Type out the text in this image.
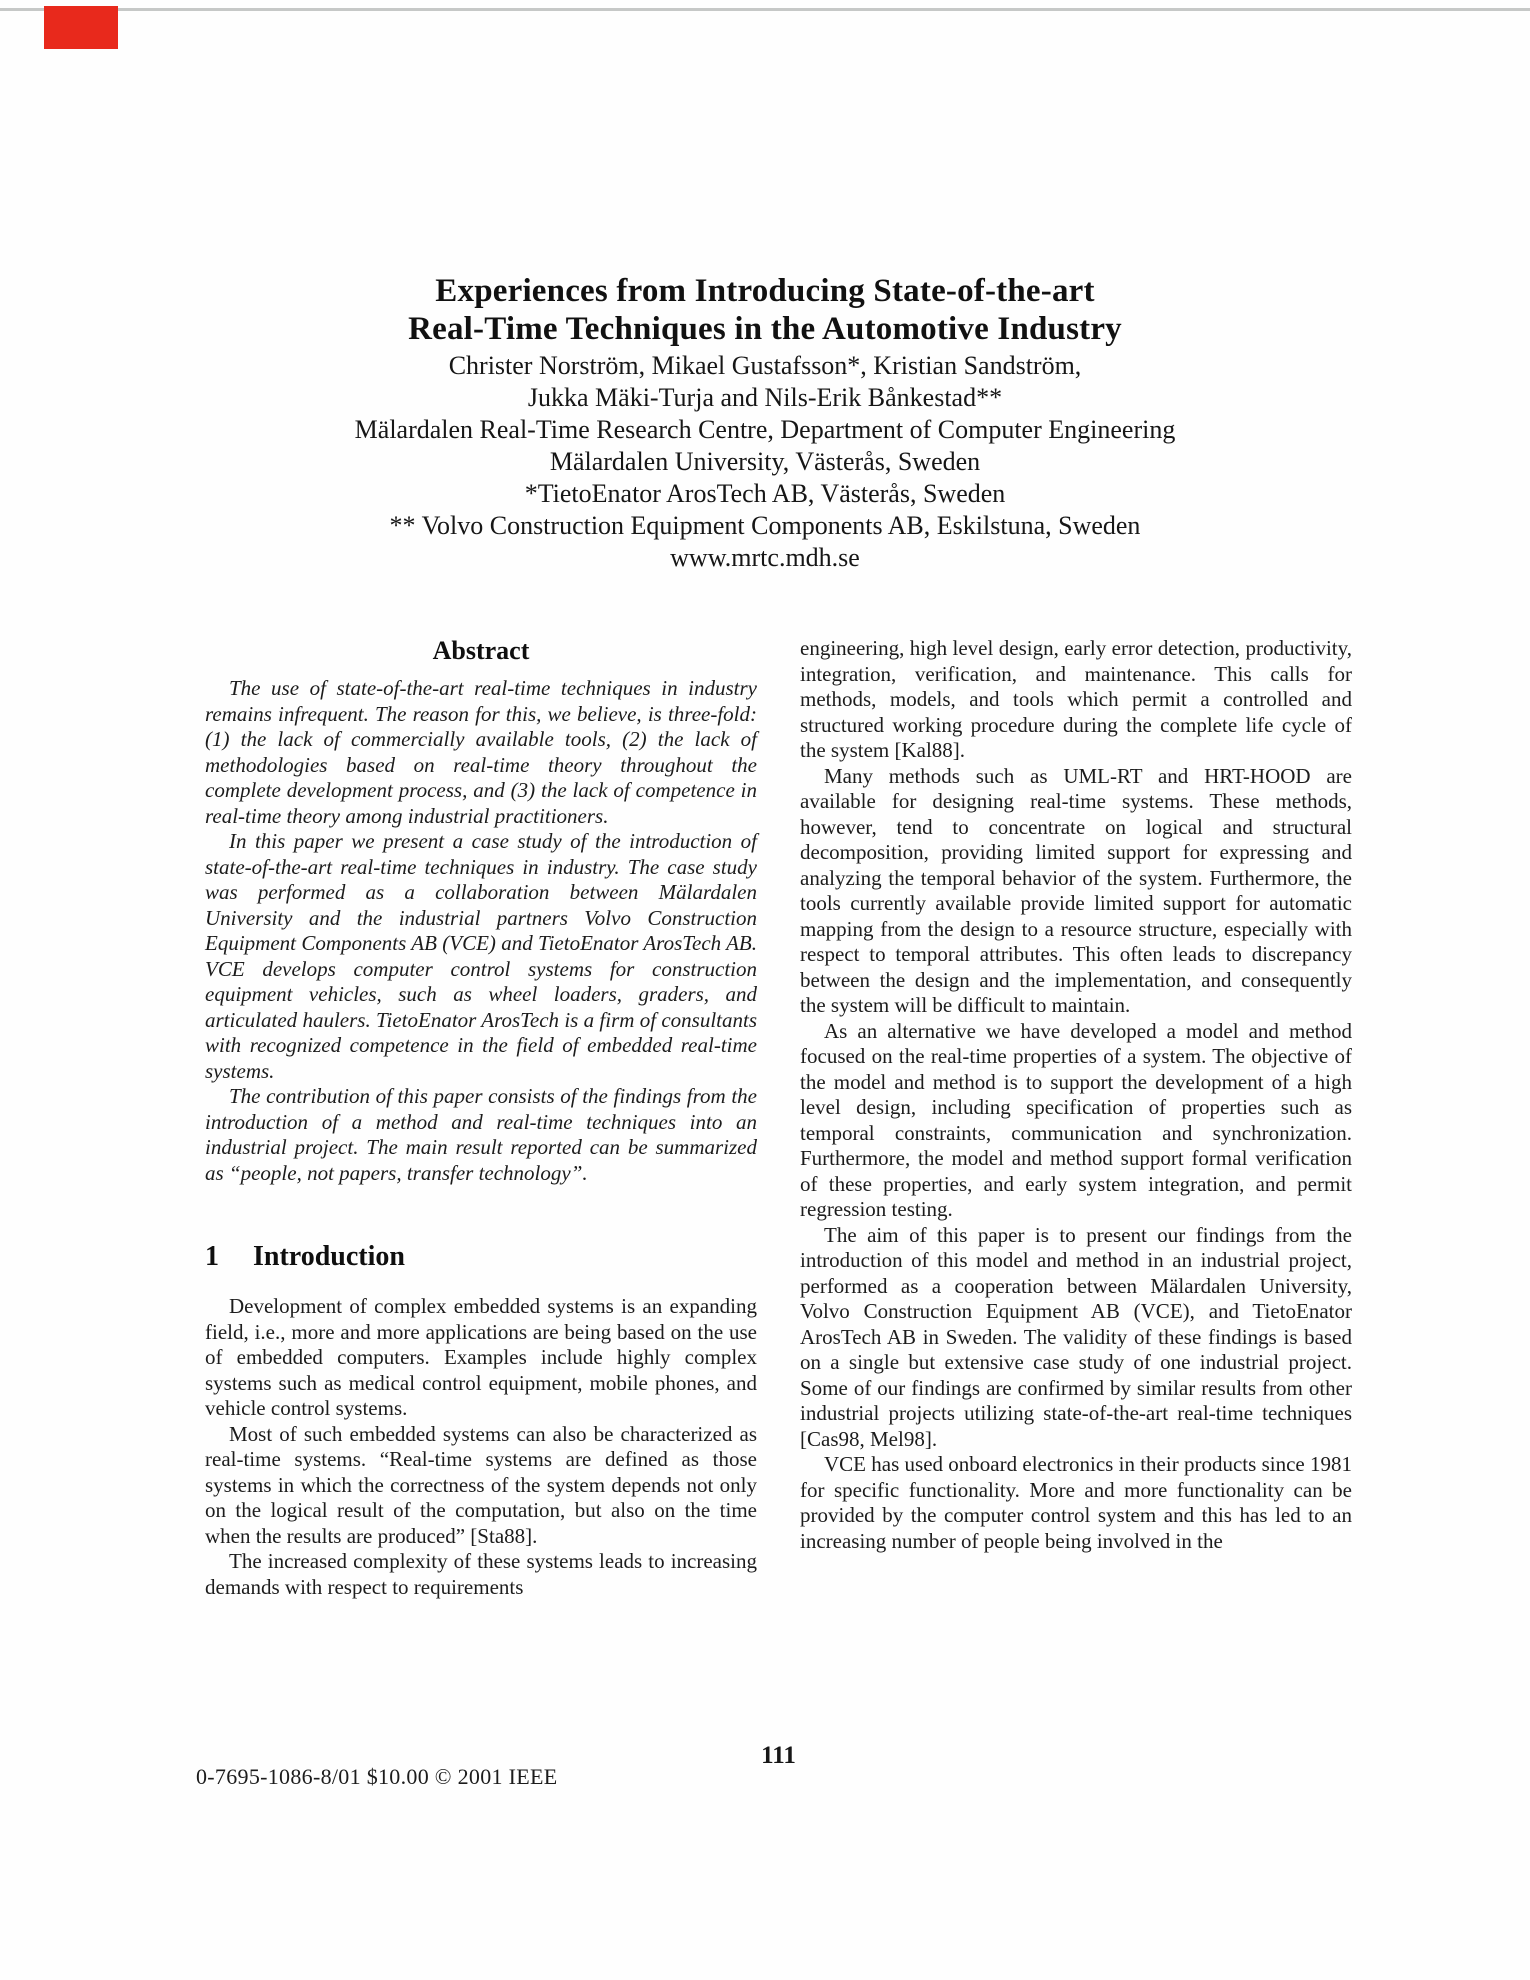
Experiences from Introducing State-of-the-art
Real-Time Techniques in the Automotive Industry
Christer Norström, Mikael Gustafsson*, Kristian Sandström,
Jukka Mäki-Turja and Nils-Erik Bånkestad**
Mälardalen Real-Time Research Centre, Department of Computer Engineering
Mälardalen University, Västerås, Sweden
*TietoEnator ArosTech AB, Västerås, Sweden
** Volvo Construction Equipment Components AB, Eskilstuna, Sweden
www.mrtc.mdh.se
Abstract

The use of state-of-the-art real-time techniques in industry remains infrequent. The reason for this, we believe, is three-fold: (1) the lack of commercially available tools, (2) the lack of methodologies based on real-time theory throughout the complete development process, and (3) the lack of competence in real-time theory among industrial practitioners.

In this paper we present a case study of the introduction of state-of-the-art real-time techniques in industry. The case study was performed as a collaboration between Mälardalen University and the industrial partners Volvo Construction Equipment Components AB (VCE) and TietoEnator ArosTech AB. VCE develops computer control systems for construction equipment vehicles, such as wheel loaders, graders, and articulated haulers. TietoEnator ArosTech is a firm of consultants with recognized competence in the field of embedded real-time systems.

The contribution of this paper consists of the findings from the introduction of a method and real-time techniques into an industrial project. The main result reported can be summarized as “people, not papers, transfer technology”.

1 Introduction

Development of complex embedded systems is an expanding field, i.e., more and more applications are being based on the use of embedded computers. Examples include highly complex systems such as medical control equipment, mobile phones, and vehicle control systems.

Most of such embedded systems can also be characterized as real-time systems. “Real-time systems are defined as those systems in which the correctness of the system depends not only on the logical result of the computation, but also on the time when the results are produced” [Sta88].

The increased complexity of these systems leads to increasing demands with respect to requirements

engineering, high level design, early error detection, productivity, integration, verification, and maintenance. This calls for methods, models, and tools which permit a controlled and structured working procedure during the complete life cycle of the system [Kal88].

Many methods such as UML-RT and HRT-HOOD are available for designing real-time systems. These methods, however, tend to concentrate on logical and structural decomposition, providing limited support for expressing and analyzing the temporal behavior of the system. Furthermore, the tools currently available provide limited support for automatic mapping from the design to a resource structure, especially with respect to temporal attributes. This often leads to discrepancy between the design and the implementation, and consequently the system will be difficult to maintain.

As an alternative we have developed a model and method focused on the real-time properties of a system. The objective of the model and method is to support the development of a high level design, including specification of properties such as temporal constraints, communication and synchronization. Furthermore, the model and method support formal verification of these properties, and early system integration, and permit regression testing.

The aim of this paper is to present our findings from the introduction of this model and method in an industrial project, performed as a cooperation between Mälardalen University, Volvo Construction Equipment AB (VCE), and TietoEnator ArosTech AB in Sweden. The validity of these findings is based on a single but extensive case study of one industrial project. Some of our findings are confirmed by similar results from other industrial projects utilizing state-of-the-art real-time techniques [Cas98, Mel98].

VCE has used onboard electronics in their products since 1981 for specific functionality. More and more functionality can be provided by the computer control system and this has led to an increasing number of people being involved in the

111
0-7695-1086-8/01 $10.00 © 2001 IEEE
